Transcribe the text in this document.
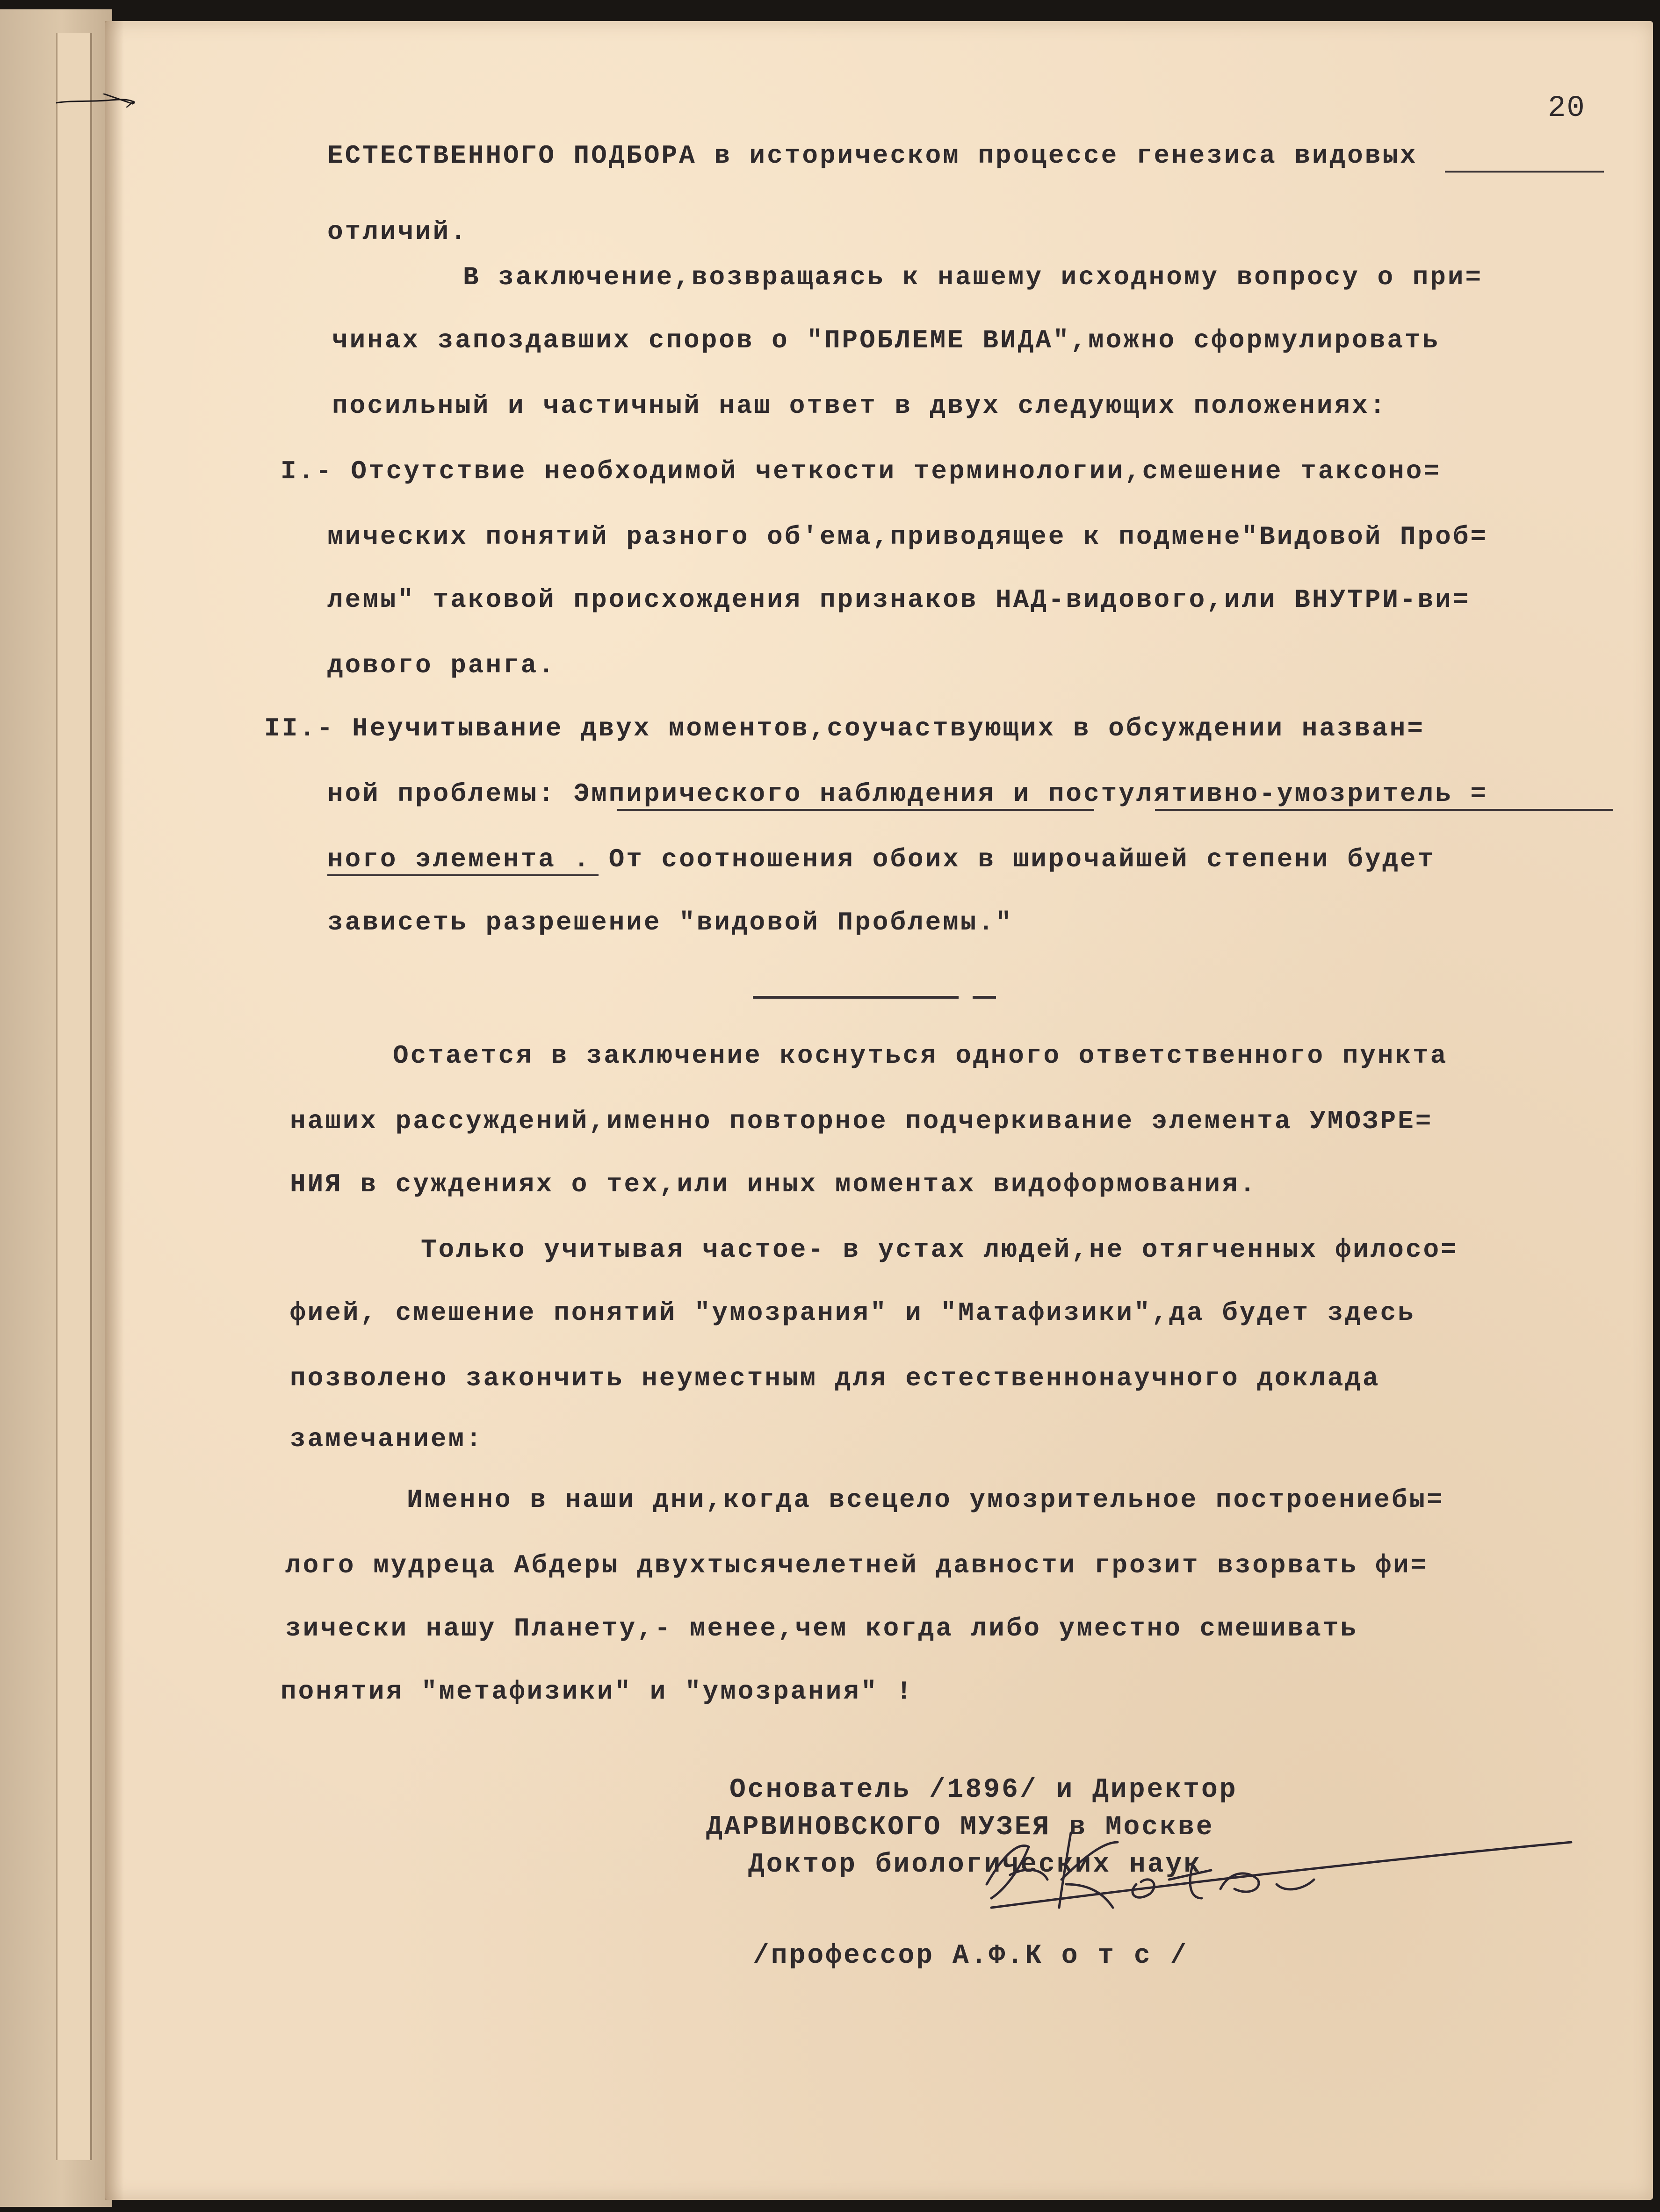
20
ЕСТЕСТВЕННОГО ПОДБОРА в историческом процессе генезиса видовых
отличий.
В заключение,возвращаясь к нашему исходному вопросу о при=
чинах запоздавших споров о "ПРОБЛЕМЕ ВИДА",можно сформулировать
посильный и частичный наш ответ в двух следующих положениях:
I.- Отсутствие необходимой четкости терминологии,смешение таксоно=
мических понятий разного об'ема,приводящее к подмене"Видовой Проб=
лемы" таковой происхождения признаков НАД-видового,или ВНУТРИ-ви=
дового ранга.
II.- Неучитывание двух моментов,соучаствующих в обсуждении назван=
ной проблемы: Эмпирического наблюдения и постулятивно-умозритель =
ного элемента . От соотношения обоих в широчайшей степени будет
зависеть разрешение "видовой Проблемы."
Остается в заключение коснуться одного ответственного пункта
наших рассуждений,именно повторное подчеркивание элемента УМОЗРЕ=
НИЯ в суждениях о тех,или иных моментах видоформования.
Только учитывая частое- в устах людей,не отягченных филосо=
фией, смешение понятий "умозрания" и "Матафизики",да будет здесь
позволено закончить неуместным для естественнонаучного доклада
замечанием:
Именно в наши дни,когда всецело умозрительное построениебы=
лого мудреца Абдеры двухтысячелетней давности грозит взорвать фи=
зически нашу Планету,- менее,чем когда либо уместно смешивать
понятия "метафизики" и "умозрания" !
Основатель /1896/ и Директор
ДАРВИНОВСКОГО МУЗЕЯ в Москве
Доктор биологических наук
/профессор А.Ф.К о т с /
